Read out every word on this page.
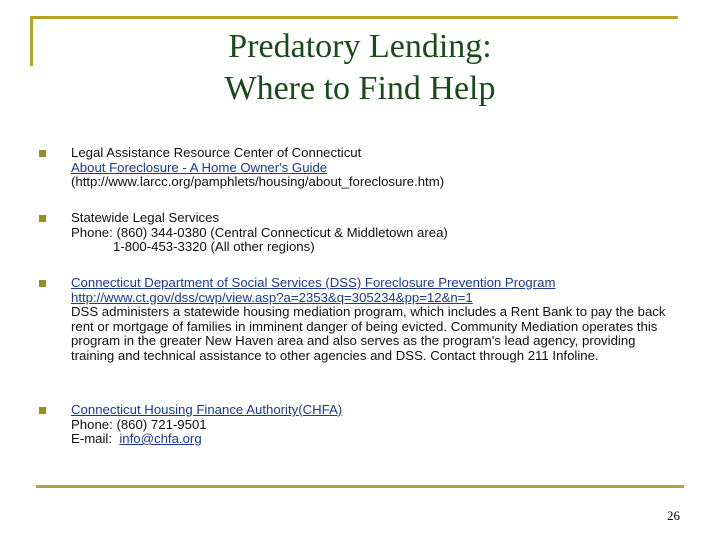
Predatory Lending:
Where to Find Help
Legal Assistance Resource Center of Connecticut
About Foreclosure - A Home Owner's Guide
(http://www.larcc.org/pamphlets/housing/about_foreclosure.htm)
Statewide Legal Services
Phone: (860) 344-0380 (Central Connecticut & Middletown area)
1-800-453-3320 (All other regions)
Connecticut Department of Social Services (DSS) Foreclosure Prevention Program
http://www.ct.gov/dss/cwp/view.asp?a=2353&q=305234&pp=12&n=1
DSS administers a statewide housing mediation program, which includes a Rent Bank to pay the back rent or mortgage of families in imminent danger of being evicted. Community Mediation operates this program in the greater New Haven area and also serves as the program's lead agency, providing training and technical assistance to other agencies and DSS. Contact through 211 Infoline.
Connecticut Housing Finance Authority(CHFA)
Phone: (860) 721-9501
E-mail:  info@chfa.org
26
